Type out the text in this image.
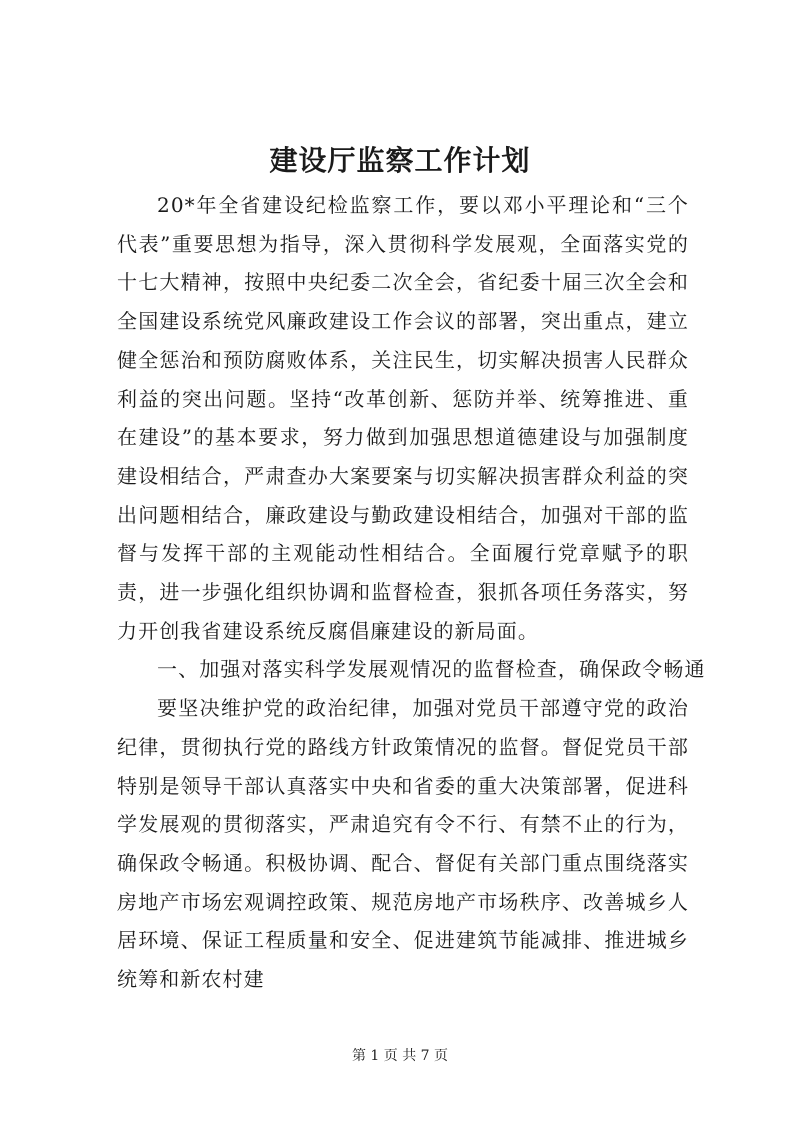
建设厅监察工作计划

20*年全省建设纪检监察工作，要以邓小平理论和“三个代表”重要思想为指导，深入贯彻科学发展观，全面落实党的十七大精神，按照中央纪委二次全会，省纪委十届三次全会和全国建设系统党风廉政建设工作会议的部署，突出重点，建立健全惩治和预防腐败体系，关注民生，切实解决损害人民群众利益的突出问题。坚持“改革创新、惩防并举、统筹推进、重在建设”的基本要求，努力做到加强思想道德建设与加强制度建设相结合，严肃查办大案要案与切实解决损害群众利益的突出问题相结合，廉政建设与勤政建设相结合，加强对干部的监督与发挥干部的主观能动性相结合。全面履行党章赋予的职责，进一步强化组织协调和监督检查，狠抓各项任务落实，努力开创我省建设系统反腐倡廉建设的新局面。

一、加强对落实科学发展观情况的监督检查，确保政令畅通

要坚决维护党的政治纪律，加强对党员干部遵守党的政治纪律，贯彻执行党的路线方针政策情况的监督。督促党员干部特别是领导干部认真落实中央和省委的重大决策部署，促进科学发展观的贯彻落实，严肃追究有令不行、有禁不止的行为，确保政令畅通。积极协调、配合、督促有关部门重点围绕落实房地产市场宏观调控政策、规范房地产市场秩序、改善城乡人居环境、保证工程质量和安全、促进建筑节能减排、推进城乡统筹和新农村建

第 1 页 共 7 页
